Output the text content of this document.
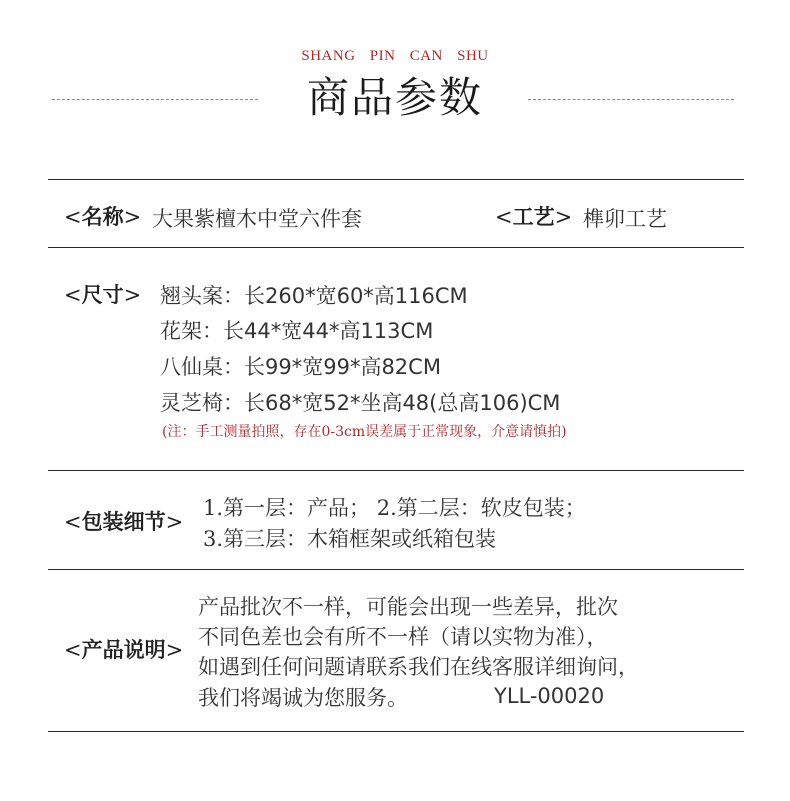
SHANG PIN CAN SHU
商品参数
<名称> 大果紫檀木中堂六件套	<工艺> 榫卯工艺
<尺寸> 翘头案：长260*宽60*高116CM
花架：长44*宽44*高113CM
八仙桌：长99*宽99*高82CM
灵芝椅：长68*宽52*坐高48(总高106)CM
(注：手工测量拍照，存在0-3cm误差属于正常现象，介意请慎拍)
<包装细节>
1.第一层：产品； 2.第二层：软皮包装；
3.第三层：木箱框架或纸箱包装
<产品说明>
产品批次不一样，可能会出现一些差异，批次
不同色差也会有所不一样（请以实物为准），
如遇到任何问题请联系我们在线客服详细询问，
我们将竭诚为您服务。	YLL-00020
